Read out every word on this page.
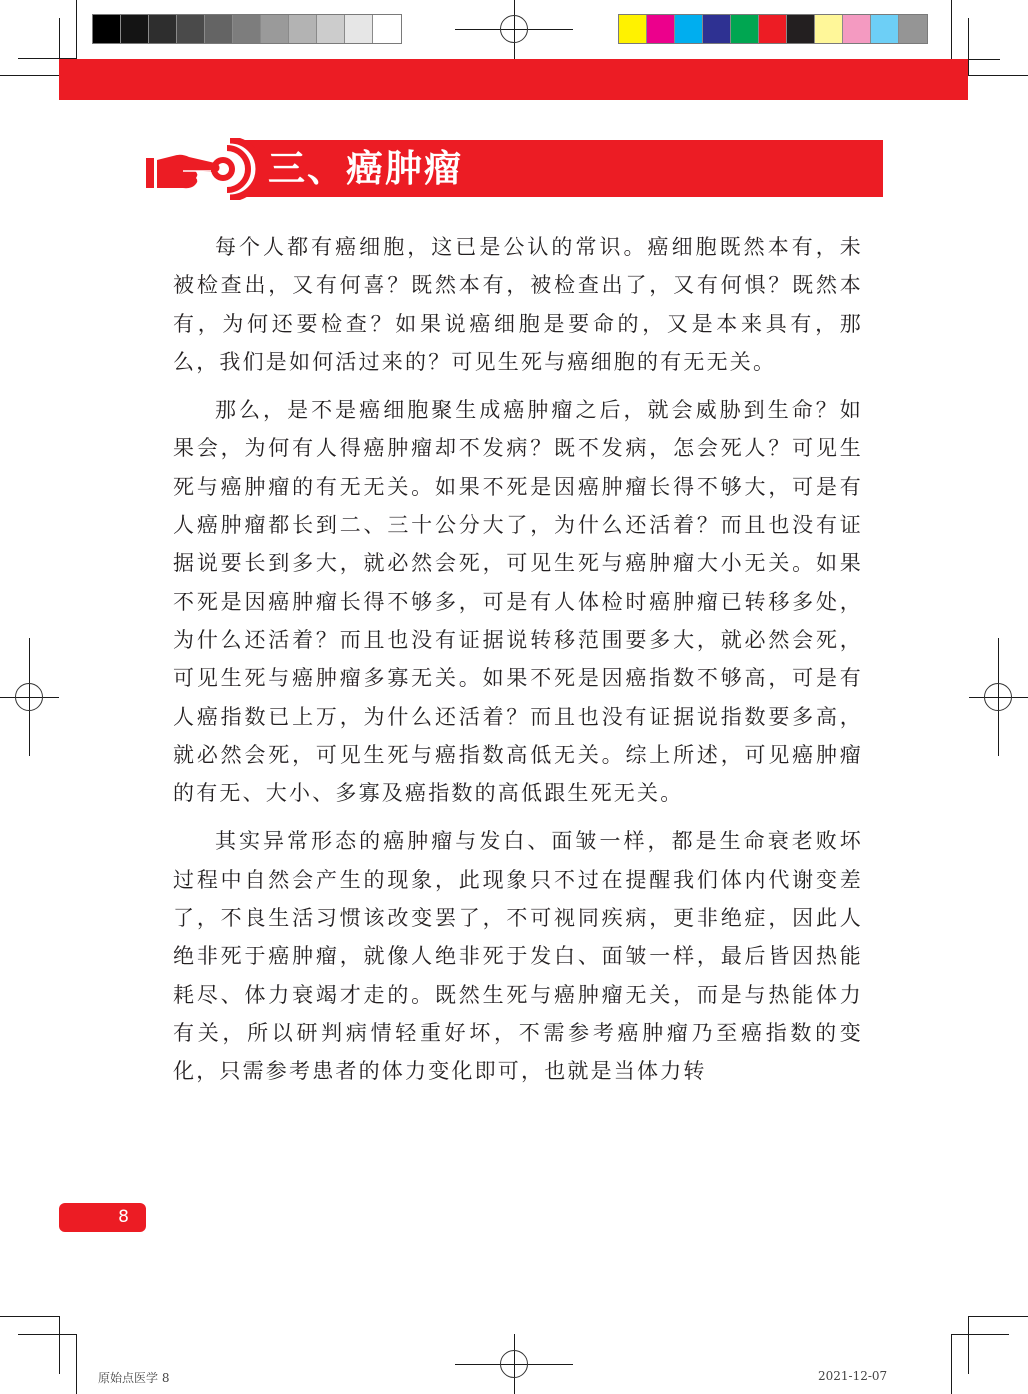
三、癌肿瘤

每个人都有癌细胞，这已是公认的常识。癌细胞既然本有，未被检查出，又有何喜？既然本有，被检查出了，又有何惧？既然本有，为何还要检查？如果说癌细胞是要命的，又是本来具有，那么，我们是如何活过来的？可见生死与癌细胞的有无无关。

那么，是不是癌细胞聚生成癌肿瘤之后，就会威胁到生命？如果会，为何有人得癌肿瘤却不发病？既不发病，怎会死人？可见生死与癌肿瘤的有无无关。如果不死是因癌肿瘤长得不够大，可是有人癌肿瘤都长到二、三十公分大了，为什么还活着？而且也没有证据说要长到多大，就必然会死，可见生死与癌肿瘤大小无关。如果不死是因癌肿瘤长得不够多，可是有人体检时癌肿瘤已转移多处，为什么还活着？而且也没有证据说转移范围要多大，就必然会死，可见生死与癌肿瘤多寡无关。如果不死是因癌指数不够高，可是有人癌指数已上万，为什么还活着？而且也没有证据说指数要多高，就必然会死，可见生死与癌指数高低无关。综上所述，可见癌肿瘤的有无、大小、多寡及癌指数的高低跟生死无关。

其实异常形态的癌肿瘤与发白、面皱一样，都是生命衰老败坏过程中自然会产生的现象，此现象只不过在提醒我们体内代谢变差了，不良生活习惯该改变罢了，不可视同疾病，更非绝症，因此人绝非死于癌肿瘤，就像人绝非死于发白、面皱一样，最后皆因热能耗尽、体力衰竭才走的。既然生死与癌肿瘤无关，而是与热能体力有关，所以研判病情轻重好坏，不需参考癌肿瘤乃至癌指数的变化，只需参考患者的体力变化即可，也就是当体力转

8
原始点医学 8	2021-12-07
